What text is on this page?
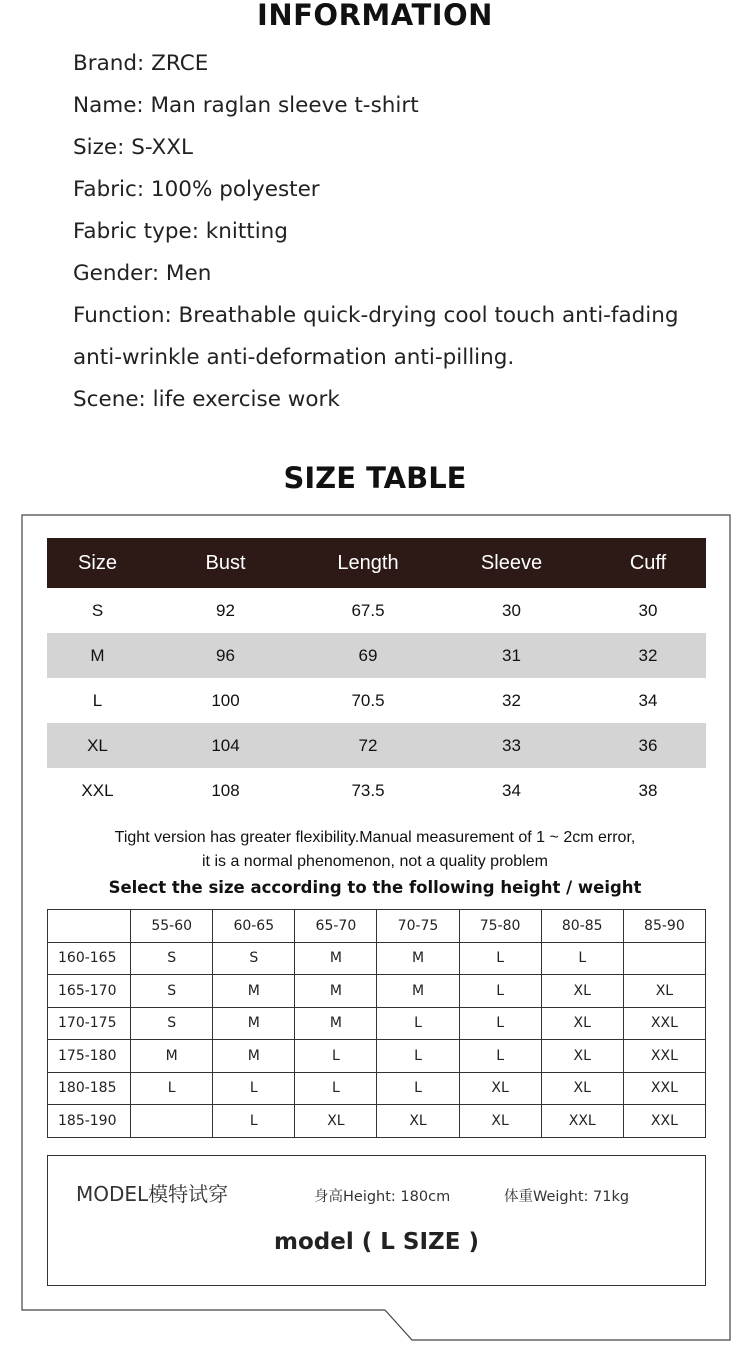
INFORMATION
Brand: ZRCE
Name: Man raglan sleeve t-shirt
Size: S-XXL
Fabric: 100% polyester
Fabric type: knitting
Gender: Men
Function: Breathable quick-drying cool touch anti-fading
anti-wrinkle anti-deformation anti-pilling.
Scene: life exercise work
SIZE TABLE
Size	Bust	Length	Sleeve	Cuff
S	92	67.5	30	30
M	96	69	31	32
L	100	70.5	32	34
XL	104	72	33	36
XXL	108	73.5	34	38
Tight version has greater flexibility.Manual measurement of 1 ~ 2cm error,
it is a normal phenomenon, not a quality problem
Select the size according to the following height / weight
	55-60	60-65	65-70	70-75	75-80	80-85	85-90
160-165	S	S	M	M	L	L	
165-170	S	M	M	M	L	XL	XL
170-175	S	M	M	L	L	XL	XXL
175-180	M	M	L	L	L	XL	XXL
180-185	L	L	L	L	XL	XL	XXL
185-190		L	XL	XL	XL	XXL	XXL
MODEL模特试穿	身高Height: 180cm	体重Weight: 71kg
model ( L SIZE )
